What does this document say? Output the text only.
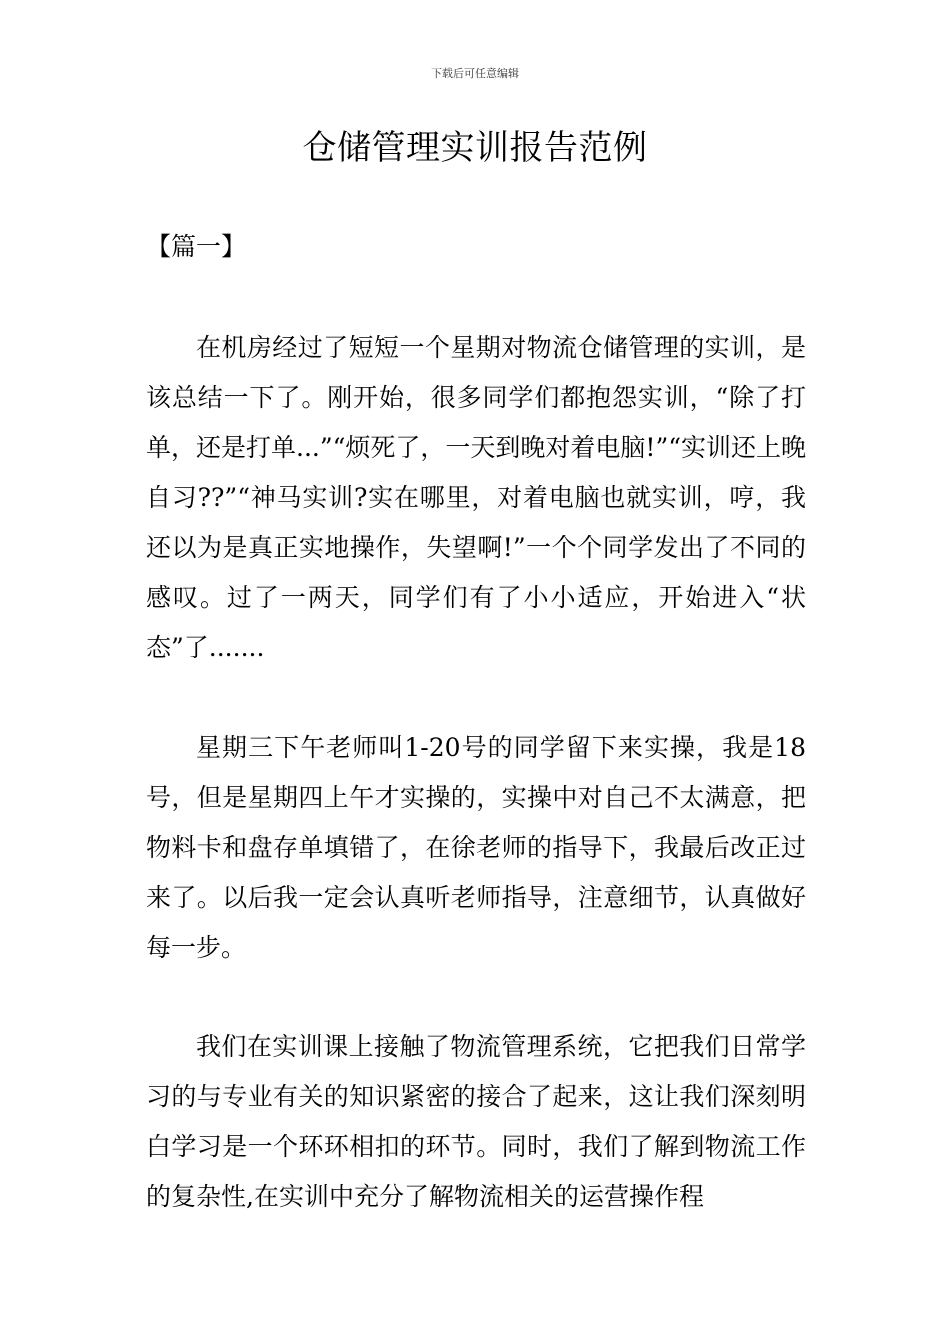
下载后可任意编辑
仓储管理实训报告范例
【篇一】

在机房经过了短短一个星期对物流仓储管理的实训，是该总结一下了。刚开始，很多同学们都抱怨实训，“除了打单，还是打单...”“烦死了，一天到晚对着电脑!”“实训还上晚自习??”“神马实训?实在哪里，对着电脑也就实训，哼，我还以为是真正实地操作，失望啊!”一个个同学发出了不同的感叹。过了一两天，同学们有了小小适应，开始进入“状态”了.......

星期三下午老师叫1-20号的同学留下来实操，我是18号，但是星期四上午才实操的，实操中对自己不太满意，把物料卡和盘存单填错了，在徐老师的指导下，我最后改正过来了。以后我一定会认真听老师指导，注意细节，认真做好每一步。

我们在实训课上接触了物流管理系统，它把我们日常学习的与专业有关的知识紧密的接合了起来，这让我们深刻明白学习是一个环环相扣的环节。同时，我们了解到物流工作的复杂性,在实训中充分了解物流相关的运营操作程
